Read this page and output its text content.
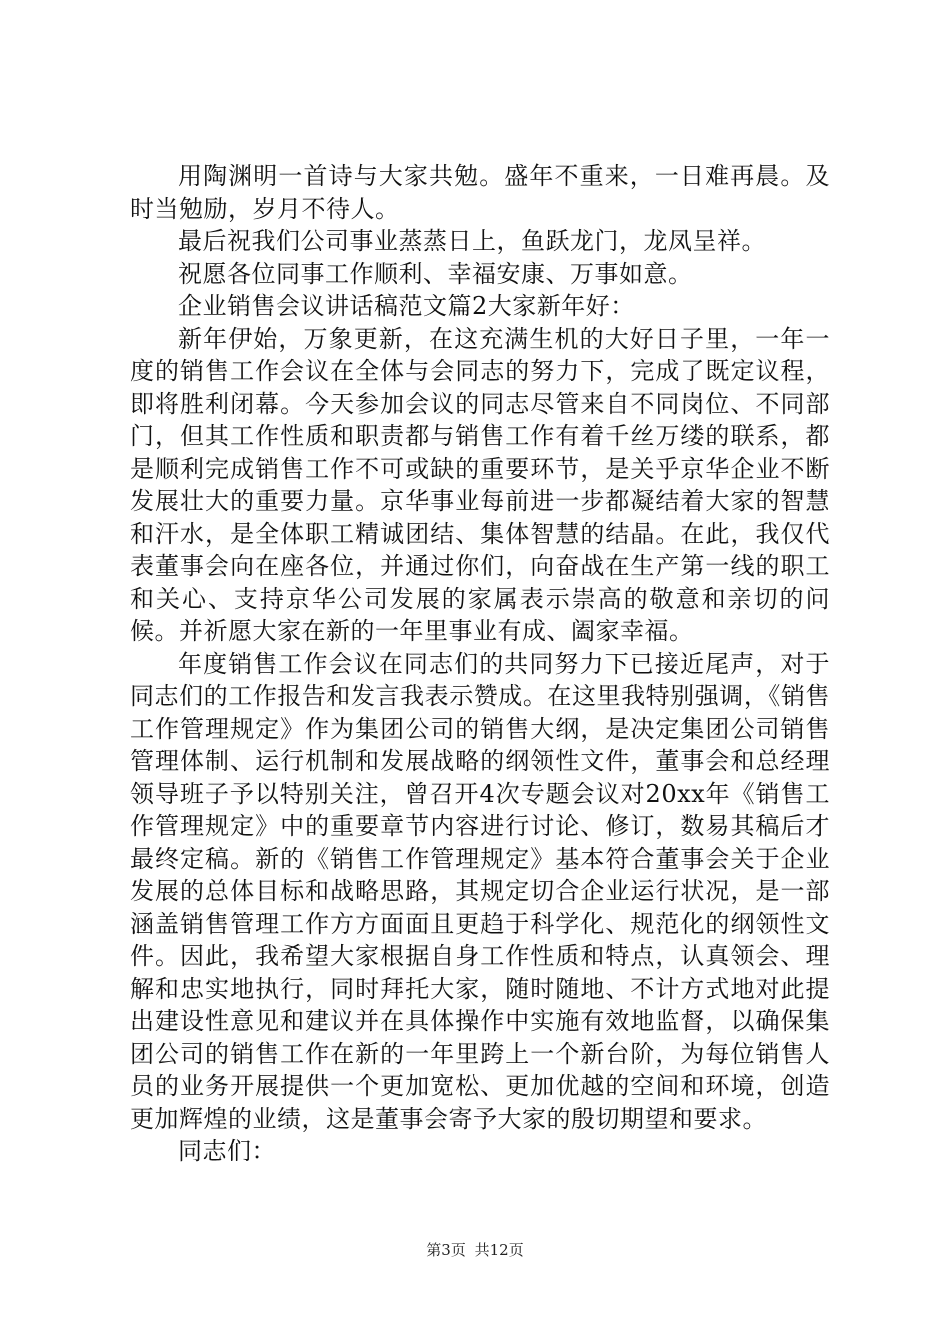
用陶渊明一首诗与大家共勉。盛年不重来，一日难再晨。及时当勉励，岁月不待人。

最后祝我们公司事业蒸蒸日上，鱼跃龙门，龙凤呈祥。

祝愿各位同事工作顺利、幸福安康、万事如意。

企业销售会议讲话稿范文篇2大家新年好：

新年伊始，万象更新，在这充满生机的大好日子里，一年一度的销售工作会议在全体与会同志的努力下，完成了既定议程，即将胜利闭幕。今天参加会议的同志尽管来自不同岗位、不同部门，但其工作性质和职责都与销售工作有着千丝万缕的联系，都是顺利完成销售工作不可或缺的重要环节，是关乎京华企业不断发展壮大的重要力量。京华事业每前进一步都凝结着大家的智慧和汗水，是全体职工精诚团结、集体智慧的结晶。在此，我仅代表董事会向在座各位，并通过你们，向奋战在生产第一线的职工和关心、支持京华公司发展的家属表示崇高的敬意和亲切的问候。并祈愿大家在新的一年里事业有成、阖家幸福。

年度销售工作会议在同志们的共同努力下已接近尾声，对于同志们的工作报告和发言我表示赞成。在这里我特别强调，《销售工作管理规定》作为集团公司的销售大纲，是决定集团公司销售管理体制、运行机制和发展战略的纲领性文件，董事会和总经理领导班子予以特别关注，曾召开4次专题会议对20xx年《销售工作管理规定》中的重要章节内容进行讨论、修订，数易其稿后才最终定稿。新的《销售工作管理规定》基本符合董事会关于企业发展的总体目标和战略思路，其规定切合企业运行状况，是一部涵盖销售管理工作方方面面且更趋于科学化、规范化的纲领性文件。因此，我希望大家根据自身工作性质和特点，认真领会、理解和忠实地执行，同时拜托大家，随时随地、不计方式地对此提出建设性意见和建议并在具体操作中实施有效地监督，以确保集团公司的销售工作在新的一年里跨上一个新台阶，为每位销售人员的业务开展提供一个更加宽松、更加优越的空间和环境，创造更加辉煌的业绩，这是董事会寄予大家的殷切期望和要求。

同志们：

第3页 共12页
